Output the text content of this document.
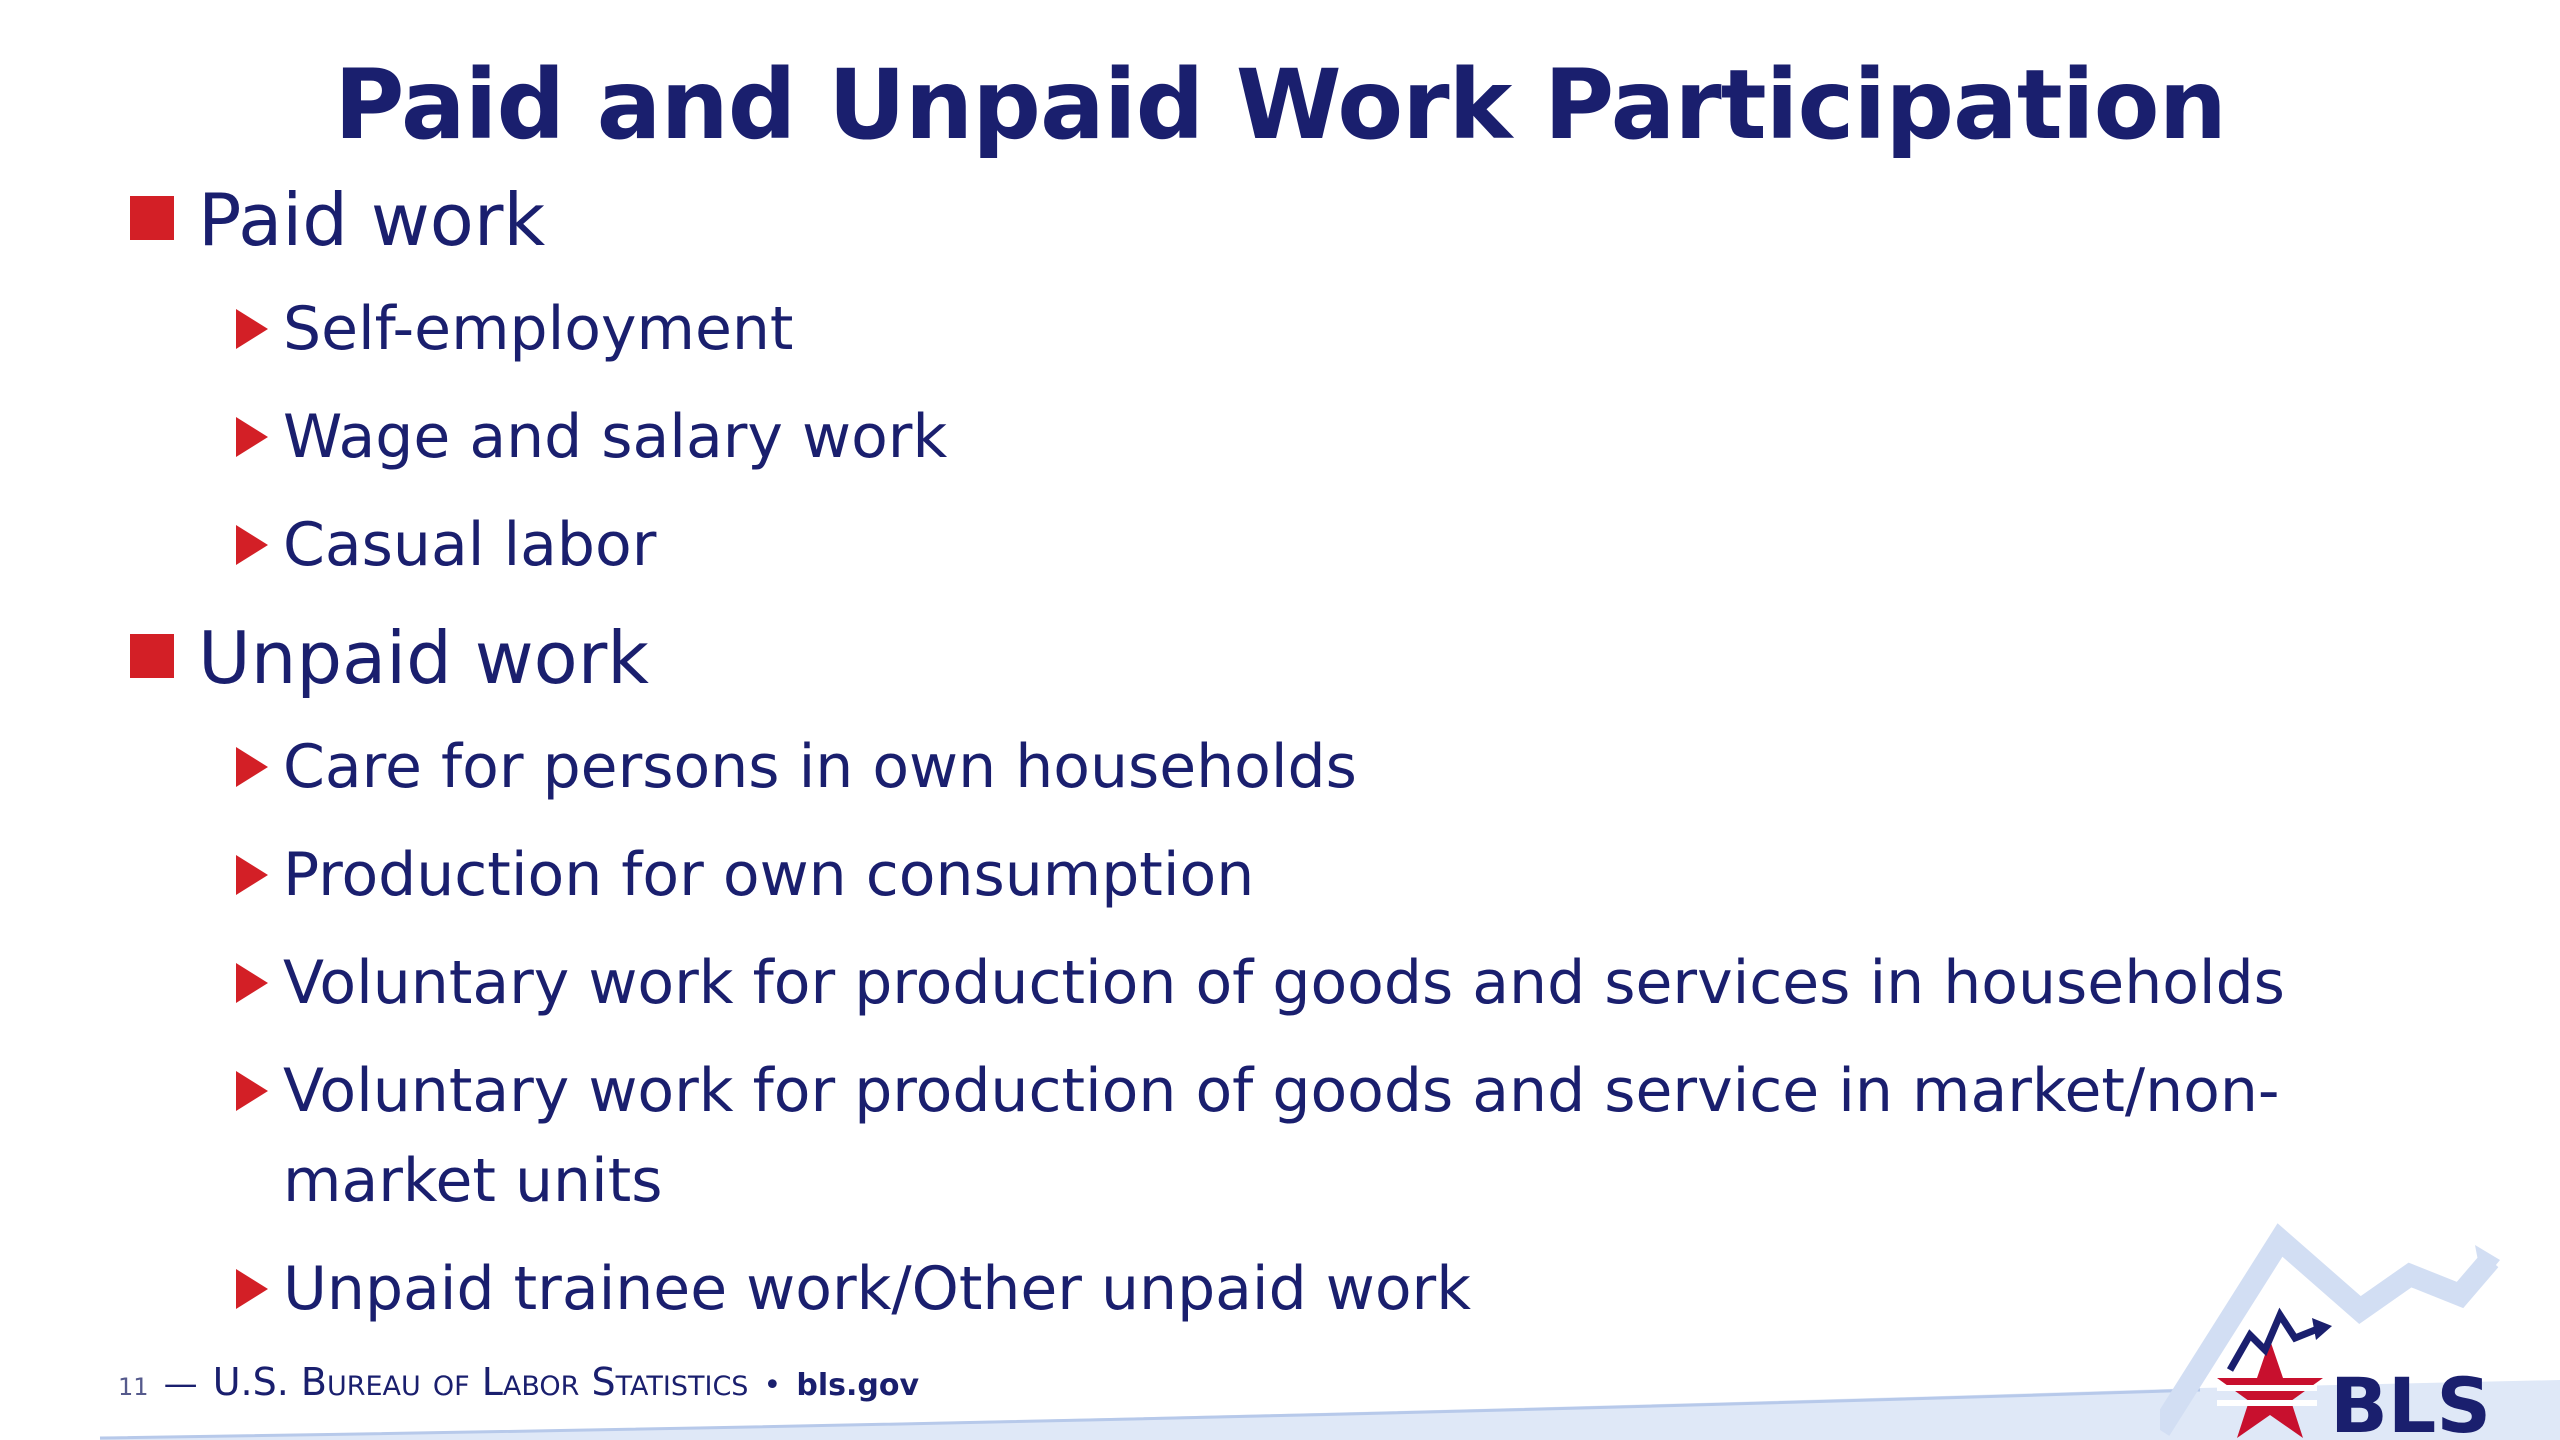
Paid and Unpaid Work Participation
Paid work
Self-employment
Wage and salary work
Casual labor
Unpaid work
Care for persons in own households
Production for own consumption
Voluntary work for production of goods and services in households
Voluntary work for production of goods and service in market/non-market units
Unpaid trainee work/Other unpaid work
11 — U.S. Bureau of Labor Statistics • bls.gov	BLS
